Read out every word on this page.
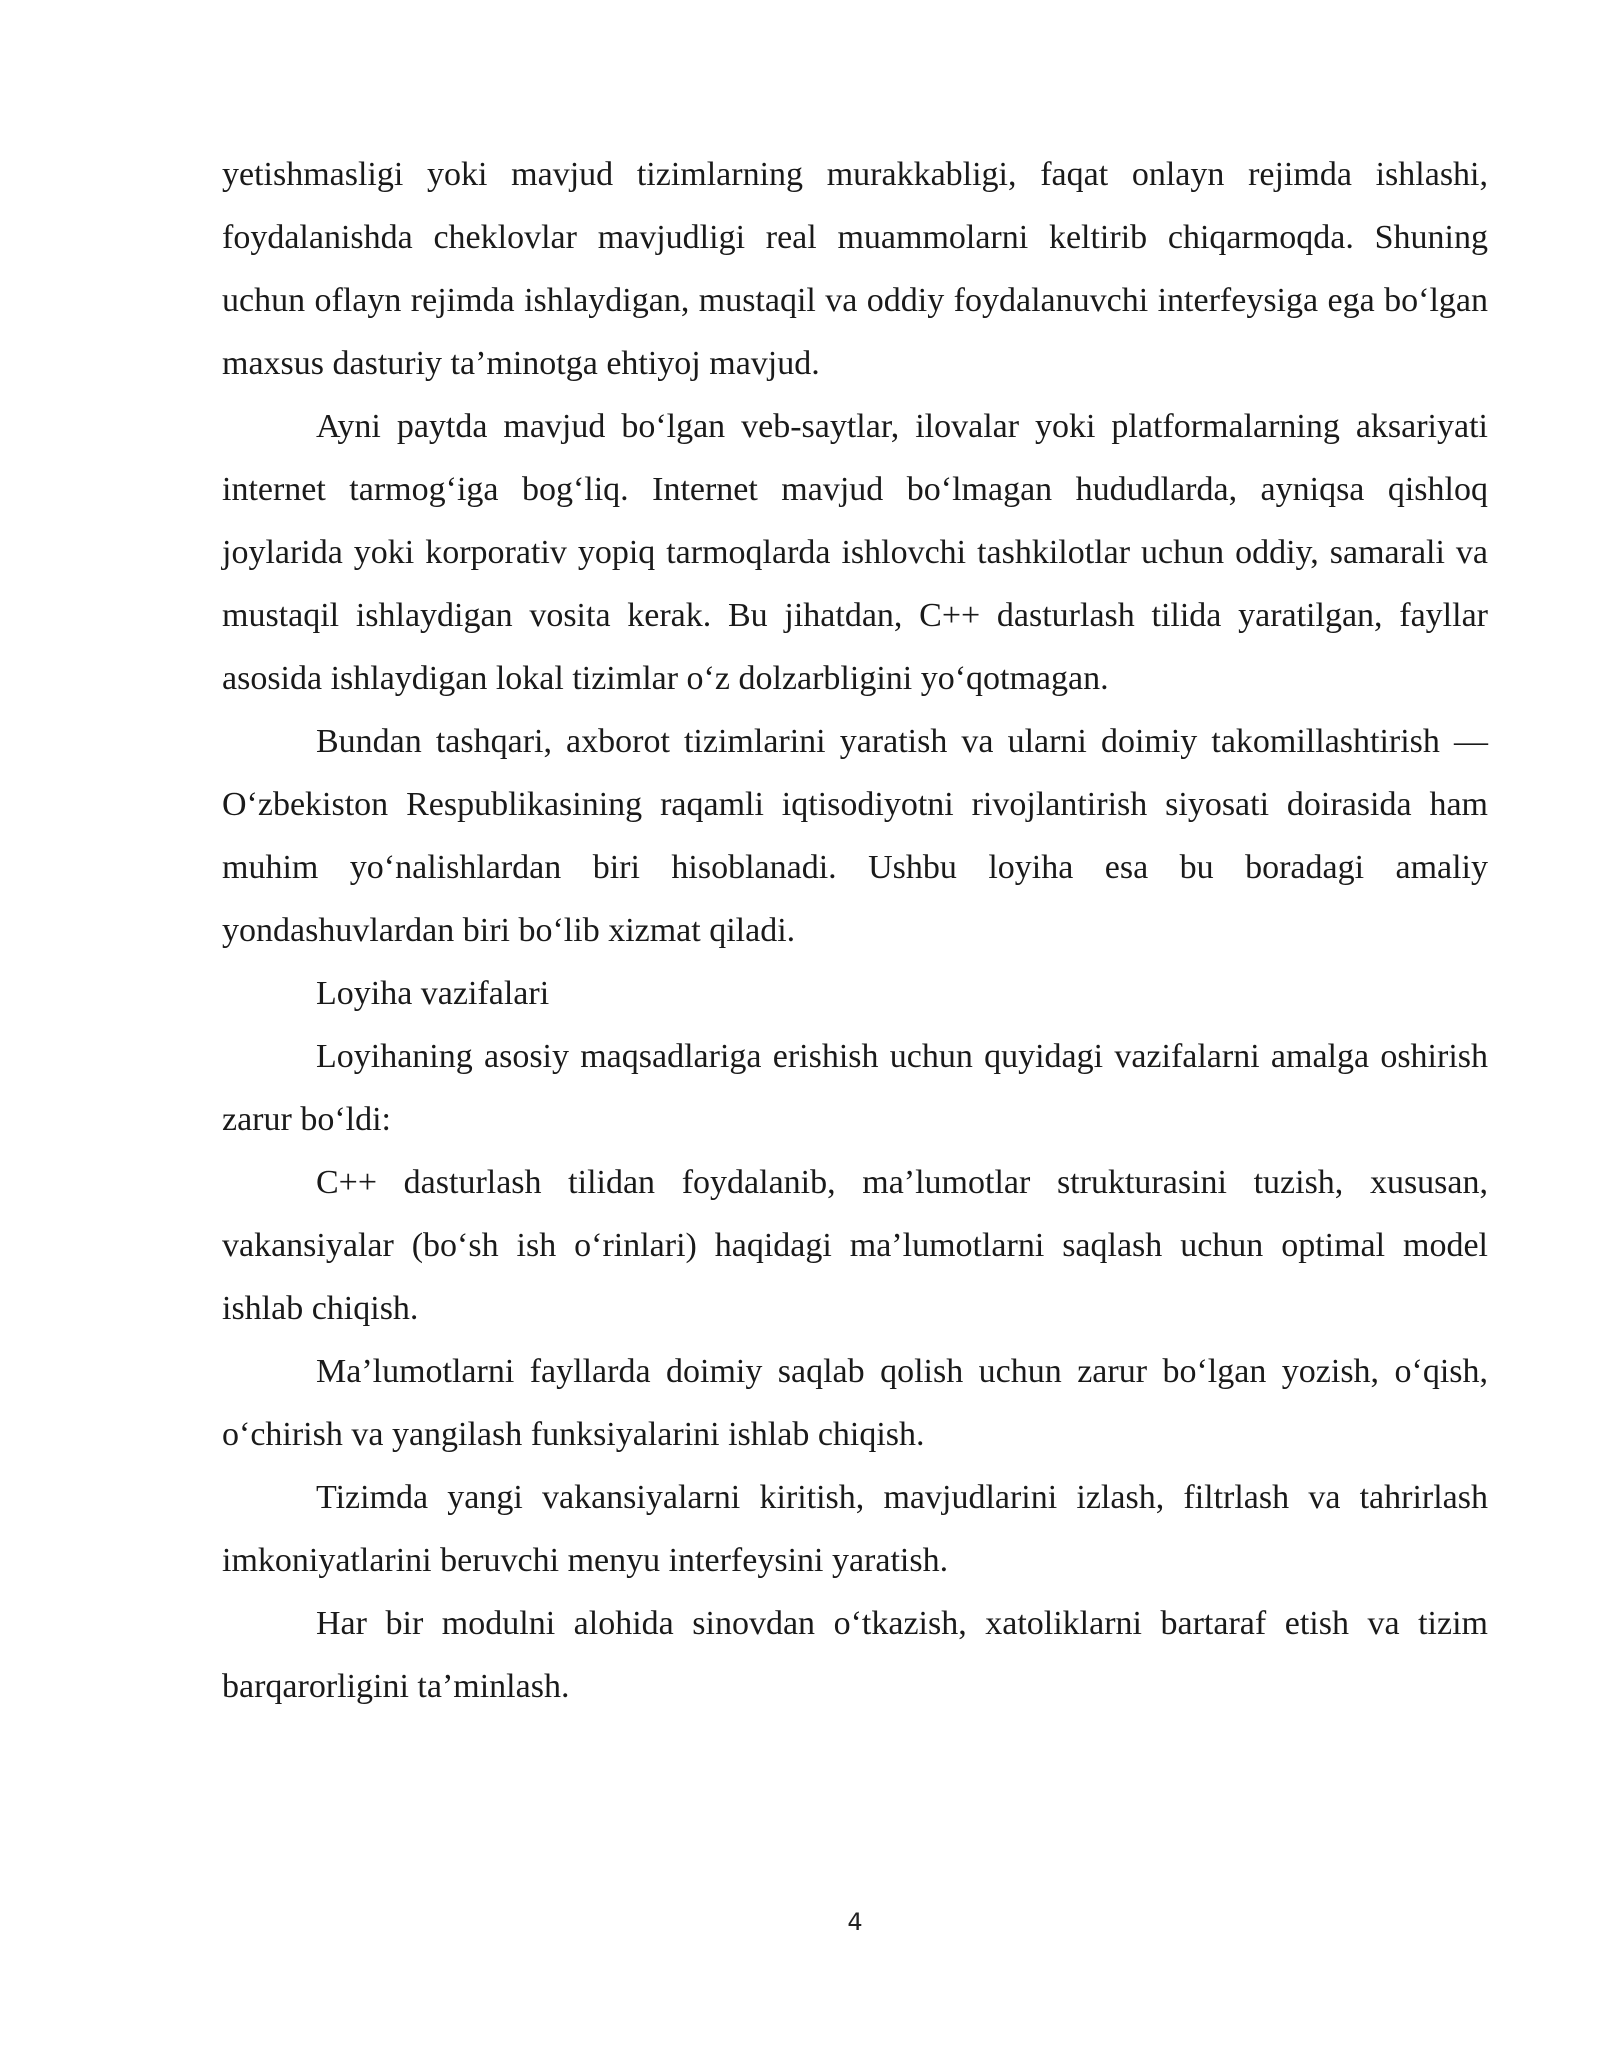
yetishmasligi yoki mavjud tizimlarning murakkabligi, faqat onlayn rejimda ishlashi, foydalanishda cheklovlar mavjudligi real muammolarni keltirib chiqarmoqda. Shuning uchun oflayn rejimda ishlaydigan, mustaqil va oddiy foydalanuvchi interfeysiga ega bo‘lgan maxsus dasturiy ta’minotga ehtiyoj mavjud.

Ayni paytda mavjud bo‘lgan veb-saytlar, ilovalar yoki platformalarning aksariyati internet tarmog‘iga bog‘liq. Internet mavjud bo‘lmagan hududlarda, ayniqsa qishloq joylarida yoki korporativ yopiq tarmoqlarda ishlovchi tashkilotlar uchun oddiy, samarali va mustaqil ishlaydigan vosita kerak. Bu jihatdan, C++ dasturlash tilida yaratilgan, fayllar asosida ishlaydigan lokal tizimlar o‘z dolzarbligini yo‘qotmagan.

Bundan tashqari, axborot tizimlarini yaratish va ularni doimiy takomillashtirish — O‘zbekiston Respublikasining raqamli iqtisodiyotni rivojlantirish siyosati doirasida ham muhim yo‘nalishlardan biri hisoblanadi. Ushbu loyiha esa bu boradagi amaliy yondashuvlardan biri bo‘lib xizmat qiladi.

Loyiha vazifalari

Loyihaning asosiy maqsadlariga erishish uchun quyidagi vazifalarni amalga oshirish zarur bo‘ldi:

C++ dasturlash tilidan foydalanib, ma’lumotlar strukturasini tuzish, xususan, vakansiyalar (bo‘sh ish o‘rinlari) haqidagi ma’lumotlarni saqlash uchun optimal model ishlab chiqish.

Ma’lumotlarni fayllarda doimiy saqlab qolish uchun zarur bo‘lgan yozish, o‘qish, o‘chirish va yangilash funksiyalarini ishlab chiqish.

Tizimda yangi vakansiyalarni kiritish, mavjudlarini izlash, filtrlash va tahrirlash imkoniyatlarini beruvchi menyu interfeysini yaratish.

Har bir modulni alohida sinovdan o‘tkazish, xatoliklarni bartaraf etish va tizim barqarorligini ta’minlash.

4
